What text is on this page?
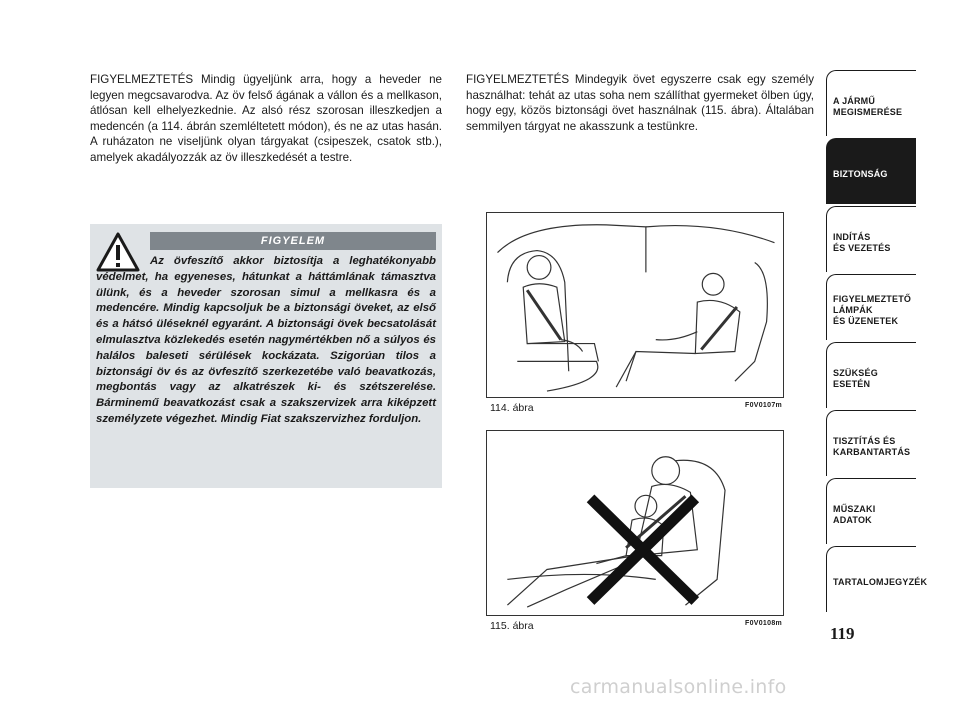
FIGYELMEZTETÉS Mindig ügyeljünk arra, hogy a heveder ne legyen megcsavarodva. Az öv felső ágának a vállon és a mellkason, átlósan kell elhelyezkednie. Az alsó rész szorosan illeszkedjen a medencén (a 114. ábrán szemléltetett módon), és ne az utas hasán. A ruházaton ne viseljünk olyan tárgyakat (csipeszek, csatok stb.), amelyek akadályozzák az öv illeszkedését a testre.

FIGYELEM

Az övfeszítő akkor biztosítja a leghatékonyabb védelmet, ha egyeneses, hátunkat a háttámlának támasztva ülünk, és a heveder szorosan simul a mellkasra és a medencére. Mindig kapcsoljuk be a biztonsági öveket, az első és a hátsó üléseknél egyaránt. A biztonsági övek becsatolását elmulasztva közlekedés esetén nagymértékben nő a súlyos és halálos baleseti sérülések kockázata. Szigorúan tilos a biztonsági öv és az övfeszítő szerkezetébe való beavatkozás, megbontás vagy az alkatrészek ki- és szétszerelése. Bárminemű beavatkozást csak a szakszervizek arra kiképzett személyzete végezhet. Mindig Fiat szakszervizhez forduljon.

FIGYELMEZTETÉS Mindegyik övet egyszerre csak egy személy használhat: tehát az utas soha nem szállíthat gyermeket ölben úgy, hogy egy, közös biztonsági övet használnak (115. ábra). Általában semmilyen tárgyat ne akasszunk a testünkre.

114. ábra	F0V0107m
115. ábra	F0V0108m
A JÁRMŰ
MEGISMERÉSE
BIZTONSÁG
INDÍTÁS
ÉS VEZETÉS
FIGYELMEZTETŐ
LÁMPÁK
ÉS ÜZENETEK
SZÜKSÉG
ESETÉN
TISZTÍTÁS ÉS
KARBANTARTÁS
MŰSZAKI
ADATOK
TARTALOMJEGYZÉK
119
carmanualsonline.info
